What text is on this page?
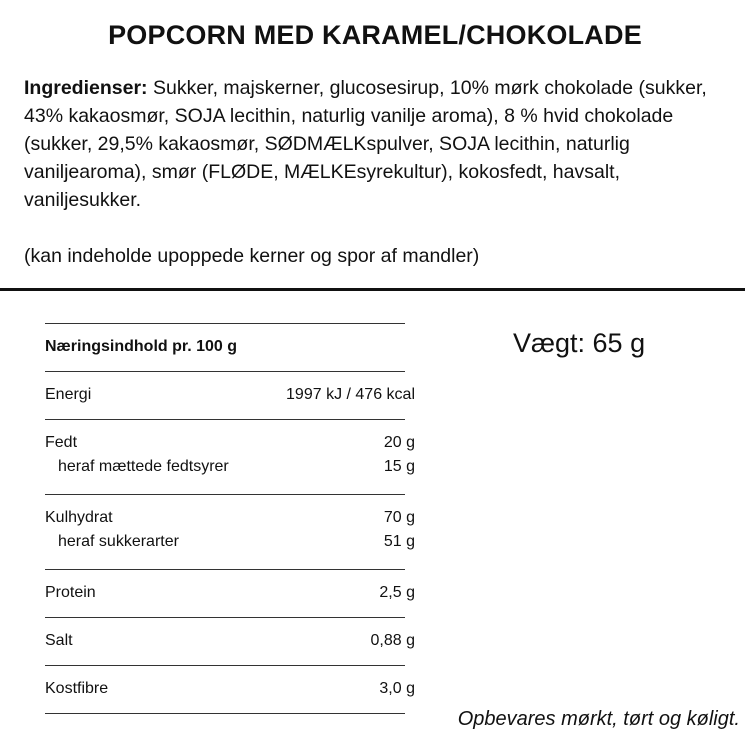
POPCORN MED KARAMEL/CHOKOLADE

Ingredienser: Sukker, majskerner, glucosesirup, 10% mørk chokolade (sukker, 43% kakaosmør, SOJA lecithin, naturlig vanilje aroma), 8 % hvid chokolade (sukker, 29,5% kakaosmør, SØDMÆLKspulver, SOJA lecithin, naturlig vaniljearoma), smør (FLØDE, MÆLKEsyrekultur), kokosfedt, havsalt, vaniljesukker.

(kan indeholde upoppede kerner og spor af mandler)

Næringsindhold pr. 100 g
Energi	1997 kJ / 476 kcal
Fedt	20 g
heraf mættede fedtsyrer	15 g
Kulhydrat	70 g
heraf sukkerarter	51 g
Protein	2,5 g
Salt	0,88 g
Kostfibre	3,0 g
Vægt: 65 g
Opbevares mørkt, tørt og køligt.
